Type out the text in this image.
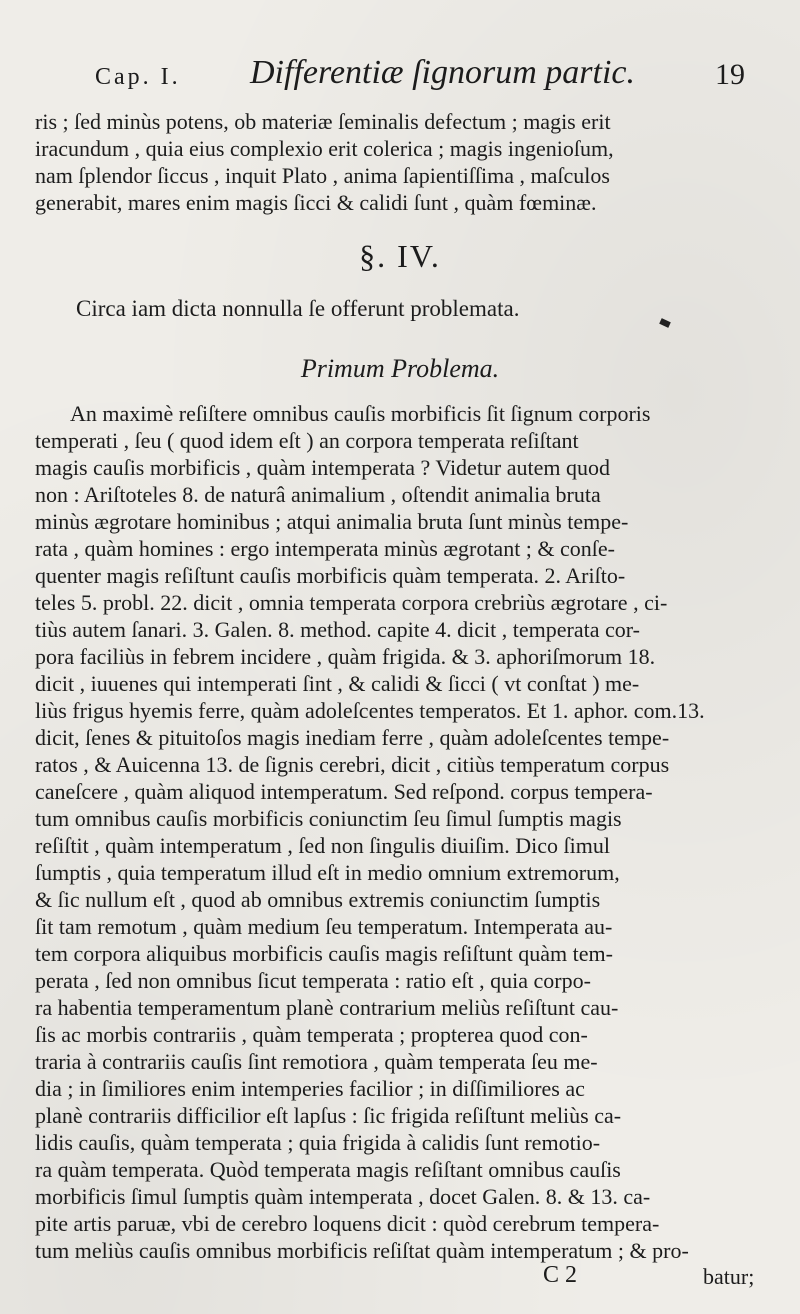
Cap. I. Differentiæ ſignorum partic.	19

ris ; ſed minùs potens, ob materiæ ſeminalis defectum ; magis erit

iracundum , quia eius complexio erit colerica ; magis ingenioſum,

nam ſplendor ſiccus , inquit Plato , anima ſapientiſſima , maſculos

generabit, mares enim magis ſicci & calidi ſunt , quàm fœminæ.

§. IV.
Circa iam dicta nonnulla ſe offerunt problemata.
Primum Problema.

An maximè reſiſtere omnibus cauſis morbificis ſit ſignum corporis

temperati , ſeu ( quod idem eſt ) an corpora temperata reſiſtant

magis cauſis morbificis , quàm intemperata ? Videtur autem quod

non : Ariſtoteles 8. de naturâ animalium , oſtendit animalia bruta

minùs ægrotare hominibus ; atqui animalia bruta ſunt minùs tempe-

rata , quàm homines : ergo intemperata minùs ægrotant ; & conſe-

quenter magis reſiſtunt cauſis morbificis quàm temperata. 2. Ariſto-

teles 5. probl. 22. dicit , omnia temperata corpora crebriùs ægrotare , ci-

tiùs autem ſanari. 3. Galen. 8. method. capite 4. dicit , temperata cor-

pora faciliùs in febrem incidere , quàm frigida. & 3. aphoriſmorum 18.

dicit , iuuenes qui intemperati ſint , & calidi & ſicci ( vt conſtat ) me-

liùs frigus hyemis ferre, quàm adoleſcentes temperatos. Et 1. aphor. com.13.

dicit, ſenes & pituitoſos magis inediam ferre , quàm adoleſcentes tempe-

ratos , & Auicenna 13. de ſignis cerebri, dicit , citiùs temperatum corpus

caneſcere , quàm aliquod intemperatum. Sed reſpond. corpus tempera-

tum omnibus cauſis morbificis coniunctim ſeu ſimul ſumptis magis

reſiſtit , quàm intemperatum , ſed non ſingulis diuiſim. Dico ſimul

ſumptis , quia temperatum illud eſt in medio omnium extremorum,

& ſic nullum eſt , quod ab omnibus extremis coniunctim ſumptis

ſit tam remotum , quàm medium ſeu temperatum. Intemperata au-

tem corpora aliquibus morbificis cauſis magis reſiſtunt quàm tem-

perata , ſed non omnibus ſicut temperata : ratio eſt , quia corpo-

ra habentia temperamentum planè contrarium meliùs reſiſtunt cau-

ſis ac morbis contrariis , quàm temperata ; propterea quod con-

traria à contrariis cauſis ſint remotiora , quàm temperata ſeu me-

dia ; in ſimiliores enim intemperies facilior ; in diſſimiliores ac

planè contrariis difficilior eſt lapſus : ſic frigida reſiſtunt meliùs ca-

lidis cauſis, quàm temperata ; quia frigida à calidis ſunt remotio-

ra quàm temperata. Quòd temperata magis reſiſtant omnibus cauſis

morbificis ſimul ſumptis quàm intemperata , docet Galen. 8. & 13. ca-

pite artis paruæ, vbi de cerebro loquens dicit : quòd cerebrum tempera-

tum meliùs cauſis omnibus morbificis reſiſtat quàm intemperatum ; & pro-

C 2	batur;
